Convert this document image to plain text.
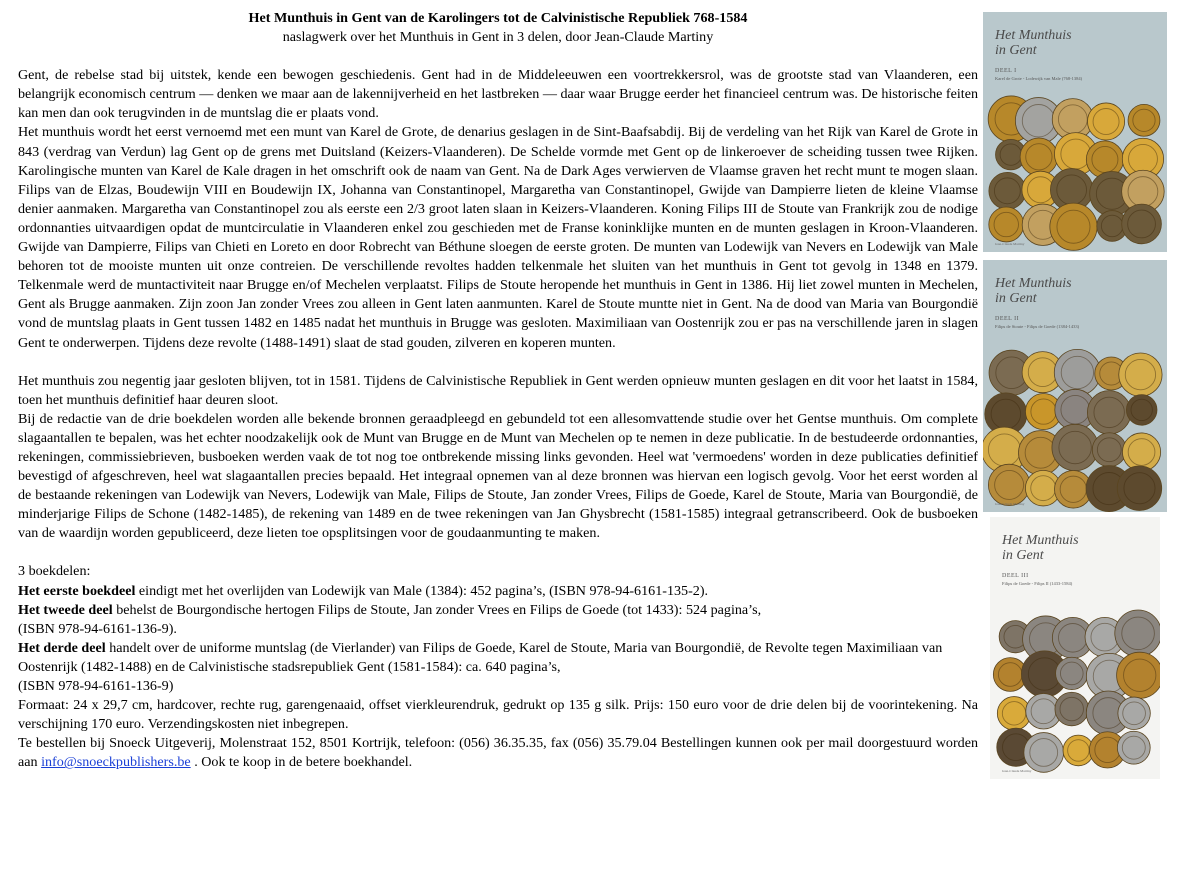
Het Munthuis in Gent van de Karolingers tot de Calvinistische Republiek 768-1584
naslagwerk over het Munthuis in Gent in 3 delen, door Jean-Claude Martiny

Gent, de rebelse stad bij uitstek, kende een bewogen geschiedenis. Gent had in de Middeleeuwen een voortrekkersrol, was de grootste stad van Vlaanderen, een belangrijk economisch centrum — denken we maar aan de lakennijverheid en het lastbreken — daar waar Brugge eerder het financieel centrum was. De historische feiten kan men dan ook terugvinden in de muntslag die er plaats vond.

Het munthuis wordt het eerst vernoemd met een munt van Karel de Grote, de denarius geslagen in de Sint-Baafsabdij. Bij de verdeling van het Rijk van Karel de Grote in 843 (verdrag van Verdun) lag Gent op de grens met Duitsland (Keizers-Vlaanderen). De Schelde vormde met Gent op de linkeroever de scheiding tussen twee Rijken. Karolingische munten van Karel de Kale dragen in het omschrift ook de naam van Gent. Na de Dark Ages verwierven de Vlaamse graven het recht munt te mogen slaan. Filips van de Elzas, Boudewijn VIII en Boudewijn IX, Johanna van Constantinopel, Margaretha van Constantinopel, Gwijde van Dampierre lieten de kleine Vlaamse denier aanmaken. Margaretha van Constantinopel zou als eerste een 2/3 groot laten slaan in Keizers-Vlaanderen. Koning Filips III de Stoute van Frankrijk zou de nodige ordonnanties uitvaardigen opdat de muntcirculatie in Vlaanderen enkel zou geschieden met de Franse koninklijke munten en de munten geslagen in Kroon-Vlaanderen. Gwijde van Dampierre, Filips van Chieti en Loreto en door Robrecht van Béthune sloegen de eerste groten. De munten van Lodewijk van Nevers en Lodewijk van Male behoren tot de mooiste munten uit onze contreien. De verschillende revoltes hadden telkenmale het sluiten van het munthuis in Gent tot gevolg in 1348 en 1379. Telkenmale werd de muntactiviteit naar Brugge en/of Mechelen verplaatst. Filips de Stoute heropende het munthuis in Gent in 1386. Hij liet zowel munten in Mechelen, Gent als Brugge aanmaken. Zijn zoon Jan zonder Vrees zou alleen in Gent laten aanmunten. Karel de Stoute muntte niet in Gent. Na de dood van Maria van Bourgondië vond de muntslag plaats in Gent tussen 1482 en 1485 nadat het munthuis in Brugge was gesloten. Maximiliaan van Oostenrijk zou er pas na verschillende jaren in slagen Gent te onderwerpen. Tijdens deze revolte (1488-1491) slaat de stad gouden, zilveren en koperen munten.

Het munthuis zou negentig jaar gesloten blijven, tot in 1581. Tijdens de Calvinistische Republiek in Gent werden opnieuw munten geslagen en dit voor het laatst in 1584, toen het munthuis definitief haar deuren sloot.

Bij de redactie van de drie boekdelen worden alle bekende bronnen geraadpleegd en gebundeld tot een allesomvattende studie over het Gentse munthuis. Om complete slagaantallen te bepalen, was het echter noodzakelijk ook de Munt van Brugge en de Munt van Mechelen op te nemen in deze publicatie. In de bestudeerde ordonnanties, rekeningen, commissiebrieven, busboeken werden vaak de tot nog toe ontbrekende missing links gevonden. Heel wat 'vermoedens' worden in deze publicaties definitief bevestigd of afgeschreven, heel wat slagaantallen precies bepaald. Het integraal opnemen van al deze bronnen was hiervan een logisch gevolg. Voor het eerst worden al de bestaande rekeningen van Lodewijk van Nevers, Lodewijk van Male, Filips de Stoute, Jan zonder Vrees, Filips de Goede, Karel de Stoute, Maria van Bourgondië, de minderjarige Filips de Schone (1482-1485), de rekening van 1489 en de twee rekeningen van Jan Ghysbrecht (1581-1585) integraal getranscribeerd. Ook de busboeken van de waardijn worden gepubliceerd, deze lieten toe opsplitsingen voor de goudaanmunting te maken.

3 boekdelen:

Het eerste boekdeel eindigt met het overlijden van Lodewijk van Male (1384): 452 pagina’s, (ISBN 978-94-6161-135-2).

Het tweede deel behelst de Bourgondische hertogen Filips de Stoute, Jan zonder Vrees en Filips de Goede (tot 1433): 524 pagina’s,

(ISBN 978-94-6161-136-9).

Het derde deel handelt over de uniforme muntslag (de Vierlander) van Filips de Goede, Karel de Stoute, Maria van Bourgondië, de Revolte tegen Maximiliaan van Oostenrijk (1482-1488) en de Calvinistische stadsrepubliek Gent (1581-1584): ca. 640 pagina’s,

(ISBN 978-94-6161-136-9)

Formaat: 24 x 29,7 cm, hardcover, rechte rug, garengenaaid, offset vierkleurendruk, gedrukt op 135 g silk. Prijs: 150 euro voor de drie delen bij de voorintekening. Na verschijning 170 euro. Verzendingskosten niet inbegrepen.

Te bestellen bij Snoeck Uitgeverij, Molenstraat 152, 8501 Kortrijk, telefoon: (056) 36.35.35, fax (056) 35.79.04 Bestellingen kunnen ook per mail doorgestuurd worden aan info@snoeckpublishers.be . Ook te koop in de betere boekhandel.

Het Munthuis
in Gent
DEEL I
Karel de Grote - Lodewijk van Male (768-1384)
Jean-Claude Martiny
Het Munthuis
in Gent
DEEL II
Filips de Stoute - Filips de Goede (1384-1433)
Jean-Claude Martiny
Het Munthuis
in Gent
DEEL III
Filips de Goede - Filips II (1433-1584)
Jean-Claude Martiny
